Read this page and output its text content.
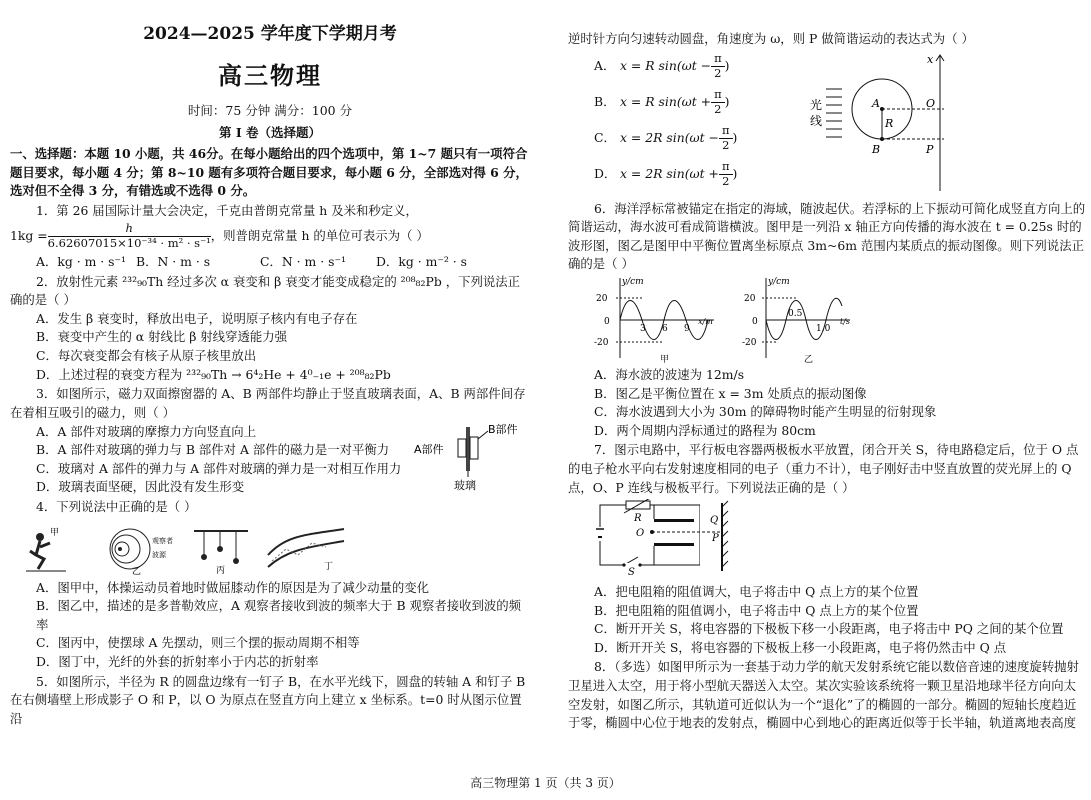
2024—2025 学年度下学期月考
高三物理
时间：75 分钟 满分：100 分
第 Ⅰ 卷（选择题）

一、选择题：本题 10 小题，共 46分。在每小题给出的四个选项中，第 1~7 题只有一项符合题目要求，每小题 4 分；第 8~10 题有多项符合题目要求，每小题 6 分，全部选对得 6 分，选对但不全得 3 分，有错选或不选得 0 分。

1．第 26 届国际计量大会决定，千克由普朗克常量 h 及米和秒定义，

$1kg = \frac{h}{\text{6.62607015×10⁻³⁴ · m² · s⁻¹}}$ ，则普朗克常量 h 的单位可表示为（ ）
A．kg · m · s⁻¹ B．N · m · s	C．N · m · s⁻¹	D．kg · m⁻² · s

2．放射性元素 ²³²₉₀Th 经过多次 α 衰变和 β 衰变才能变成稳定的 ²⁰⁸₈₂Pb ，下列说法正确的是（ ）

A．发生 β 衰变时，释放出电子，说明原子核内有电子存在

B．衰变中产生的 α 射线比 β 射线穿透能力强

C．每次衰变都会有核子从原子核里放出

D．上述过程的衰变方程为 ²³²₉₀Th → 6⁴₂He + 4⁰₋₁e + ²⁰⁸₈₂Pb

3．如图所示，磁力双面擦窗器的 A、B 两部件均静止于竖直玻璃表面，A、B 两部件间存在着相互吸引的磁力，则（ ）

A．A 部件对玻璃的摩擦力方向竖直向上

B．A 部件对玻璃的弹力与 B 部件对 A 部件的磁力是一对平衡力

C．玻璃对 A 部件的弹力与 A 部件对玻璃的弹力是一对相互作用力

D．玻璃表面坚硬，因此没有发生形变

A部件
B部件
玻璃

4．下列说法中正确的是（ ）

甲
观察者
波源
乙	丙	丁

A．图甲中，体操运动员着地时做屈膝动作的原因是为了减少动量的变化

B．图乙中，描述的是多普勒效应，A 观察者接收到波的频率大于 B 观察者接收到波的频率

C．图丙中，使摆球 A 先摆动，则三个摆的振动周期不相等

D．图丁中，光纤的外套的折射率小于内芯的折射率

5．如图所示，半径为 R 的圆盘边缘有一钉子 B，在水平光线下，圆盘的转轴 A 和钉子 B 在右侧墙壁上形成影子 O 和 P，以 O 为原点在竖直方向上建立 x 坐标系。t=0 时从图示位置沿

逆时针方向匀速转动圆盘，角速度为 ω，则 P 做简谐运动的表达式为（ ）

A． x = R $\sin(\omega t - \frac{\pi}{2}$ )
B． x = R $\sin(\omega t + \frac{\pi}{2}$ )
C． x = 2R $\sin(\omega t - \frac{\pi}{2}$ )
D． x = 2R $\sin(\omega t + \frac{\pi}{2}$ )
光
线
A
R
B
x
O
P

6．海洋浮标常被锚定在指定的海域，随波起伏。若浮标的上下振动可简化成竖直方向上的简谐运动，海水波可看成简谐横波。图甲是一列沿 x 轴正方向传播的海水波在 t = 0.25s 时的波形图，图乙是图甲中平衡位置离坐标原点 3m~6m 范围内某质点的振动图像。则下列说法正确的是（ ）

y/cm
20
0
-20
3 6 9
x/m
甲
y/cm
20
0
-20
0.5
1.0
t/s
乙

A．海水波的波速为 12m/s

B．图乙是平衡位置在 x = 3m 处质点的振动图像

C．海水波遇到大小为 30m 的障碍物时能产生明显的衍射现象

D．两个周期内浮标通过的路程为 80cm

7．图示电路中，平行板电容器两极板水平放置，闭合开关 S，待电路稳定后，位于 O 点的电子枪水平向右发射速度相同的电子（重力不计），电子刚好击中竖直放置的荧光屏上的 Q 点，O、P 连线与极板平行。下列说法正确的是（ ）

R
O
S
Q
P

A．把电阻箱的阻值调大，电子将击中 Q 点上方的某个位置

B．把电阻箱的阻值调小，电子将击中 Q 点上方的某个位置

C．断开开关 S，将电容器的下极板下移一小段距离，电子将击中 PQ 之间的某个位置

D．断开开关 S，将电容器的下极板上移一小段距离，电子将仍然击中 Q 点

8．（多选）如图甲所示为一套基于动力学的航天发射系统它能以数倍音速的速度旋转抛射卫星进入太空，用于将小型航天器送入太空。某次实验该系统将一颗卫星沿地球半径方向向太空发射，如图乙所示，其轨道可近似认为一个“退化”了的椭圆的一部分。椭圆的短轴长度趋近于零，椭圆中心位于地表的发射点，椭圆中心到地心的距离近似等于长半轴，轨道离地表高度

高三物理第 1 页（共 3 页）
